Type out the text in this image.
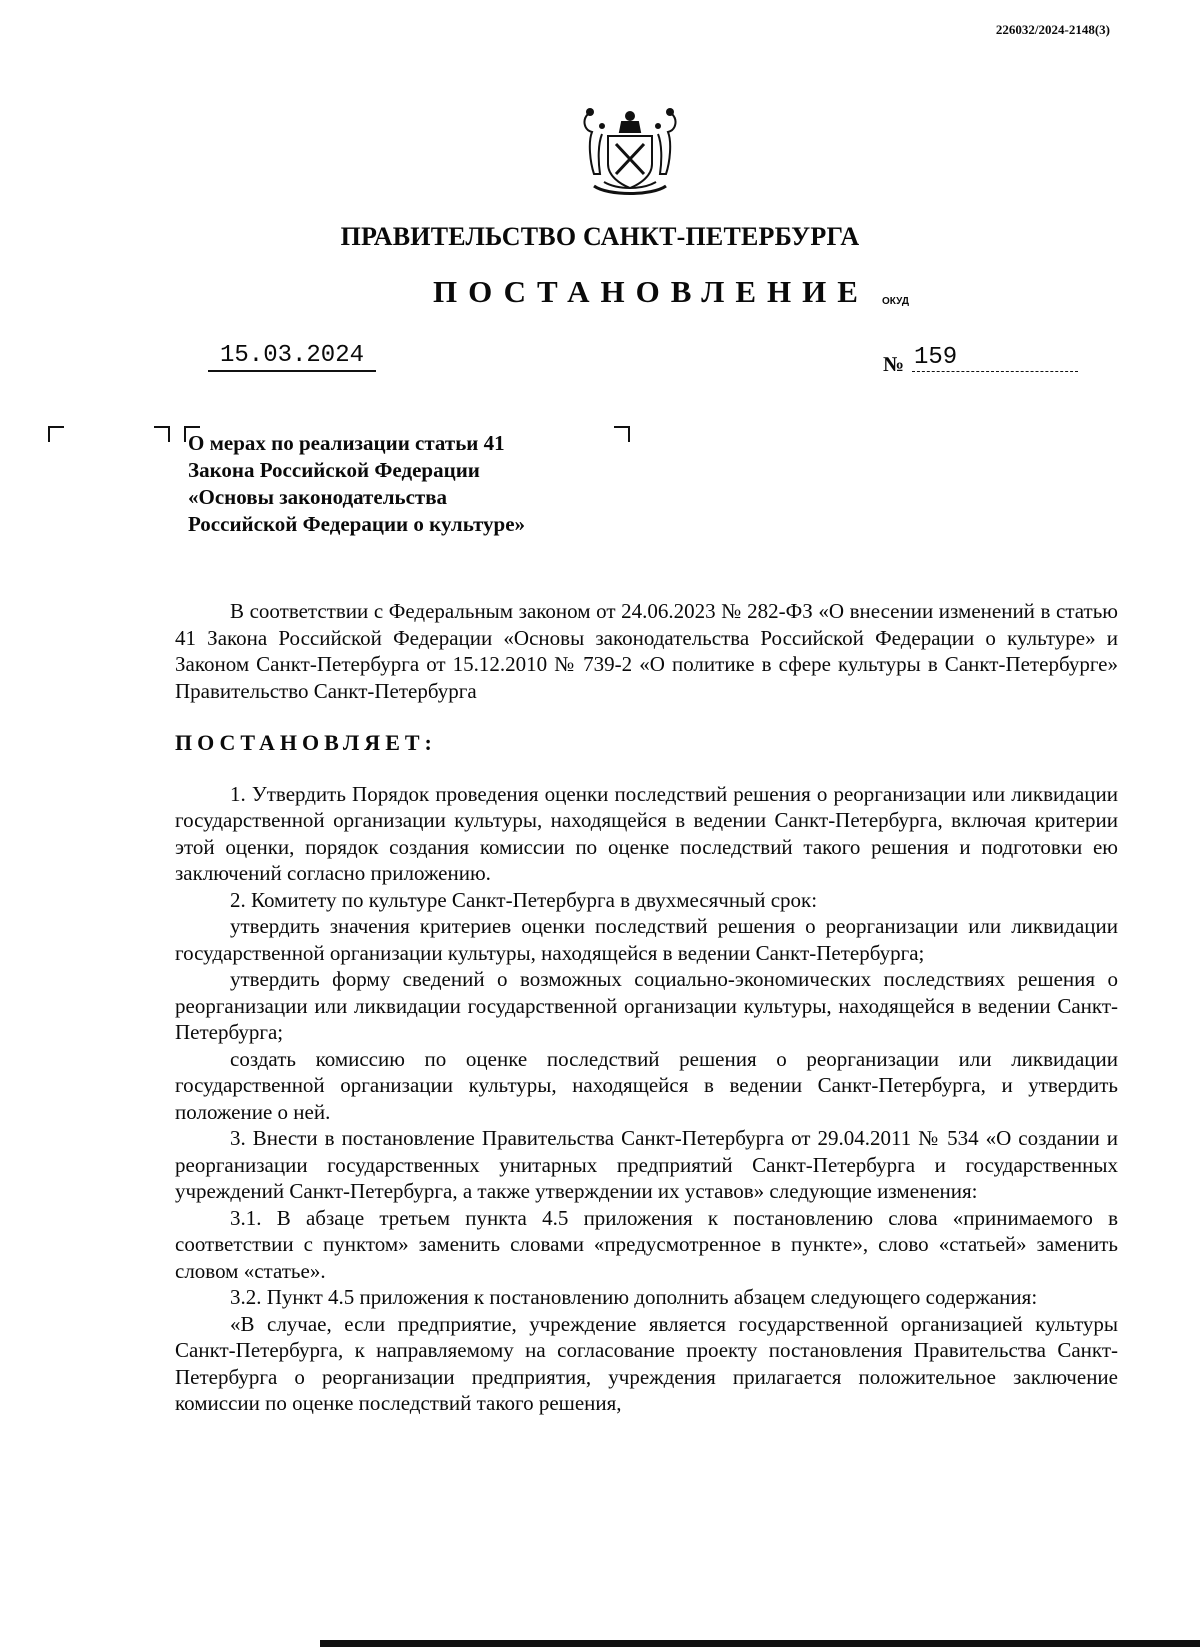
226032/2024-2148(3)
ПРАВИТЕЛЬСТВО САНКТ-ПЕТЕРБУРГА
ПОСТАНОВЛЕНИЕ ОКУД
15.03.2024	№ 159

О мерах по реализации статьи 41
Закона Российской Федерации
«Основы законодательства
Российской Федерации о культуре»

В соответствии с Федеральным законом от 24.06.2023 № 282-ФЗ «О внесении изменений в статью 41 Закона Российской Федерации «Основы законодательства Российской Федерации о культуре» и Законом Санкт-Петербурга от 15.12.2010 № 739-2 «О политике в сфере культуры в Санкт-Петербурге» Правительство Санкт-Петербурга

ПОСТАНОВЛЯЕТ:

1. Утвердить Порядок проведения оценки последствий решения о реорганизации или ликвидации государственной организации культуры, находящейся в ведении Санкт-Петербурга, включая критерии этой оценки, порядок создания комиссии по оценке последствий такого решения и подготовки ею заключений согласно приложению.

2. Комитету по культуре Санкт-Петербурга в двухмесячный срок:

утвердить значения критериев оценки последствий решения о реорганизации или ликвидации государственной организации культуры, находящейся в ведении Санкт-Петербурга;

утвердить форму сведений о возможных социально-экономических последствиях решения о реорганизации или ликвидации государственной организации культуры, находящейся в ведении Санкт-Петербурга;

создать комиссию по оценке последствий решения о реорганизации или ликвидации государственной организации культуры, находящейся в ведении Санкт-Петербурга, и утвердить положение о ней.

3. Внести в постановление Правительства Санкт-Петербурга от 29.04.2011 № 534 «О создании и реорганизации государственных унитарных предприятий Санкт-Петербурга и государственных учреждений Санкт-Петербурга, а также утверждении их уставов» следующие изменения:

3.1. В абзаце третьем пункта 4.5 приложения к постановлению слова «принимаемого в соответствии с пунктом» заменить словами «предусмотренное в пункте», слово «статьей» заменить словом «статье».

3.2. Пункт 4.5 приложения к постановлению дополнить абзацем следующего содержания:

«В случае, если предприятие, учреждение является государственной организацией культуры Санкт-Петербурга, к направляемому на согласование проекту постановления Правительства Санкт-Петербурга о реорганизации предприятия, учреждения прилагается положительное заключение комиссии по оценке последствий такого решения,
